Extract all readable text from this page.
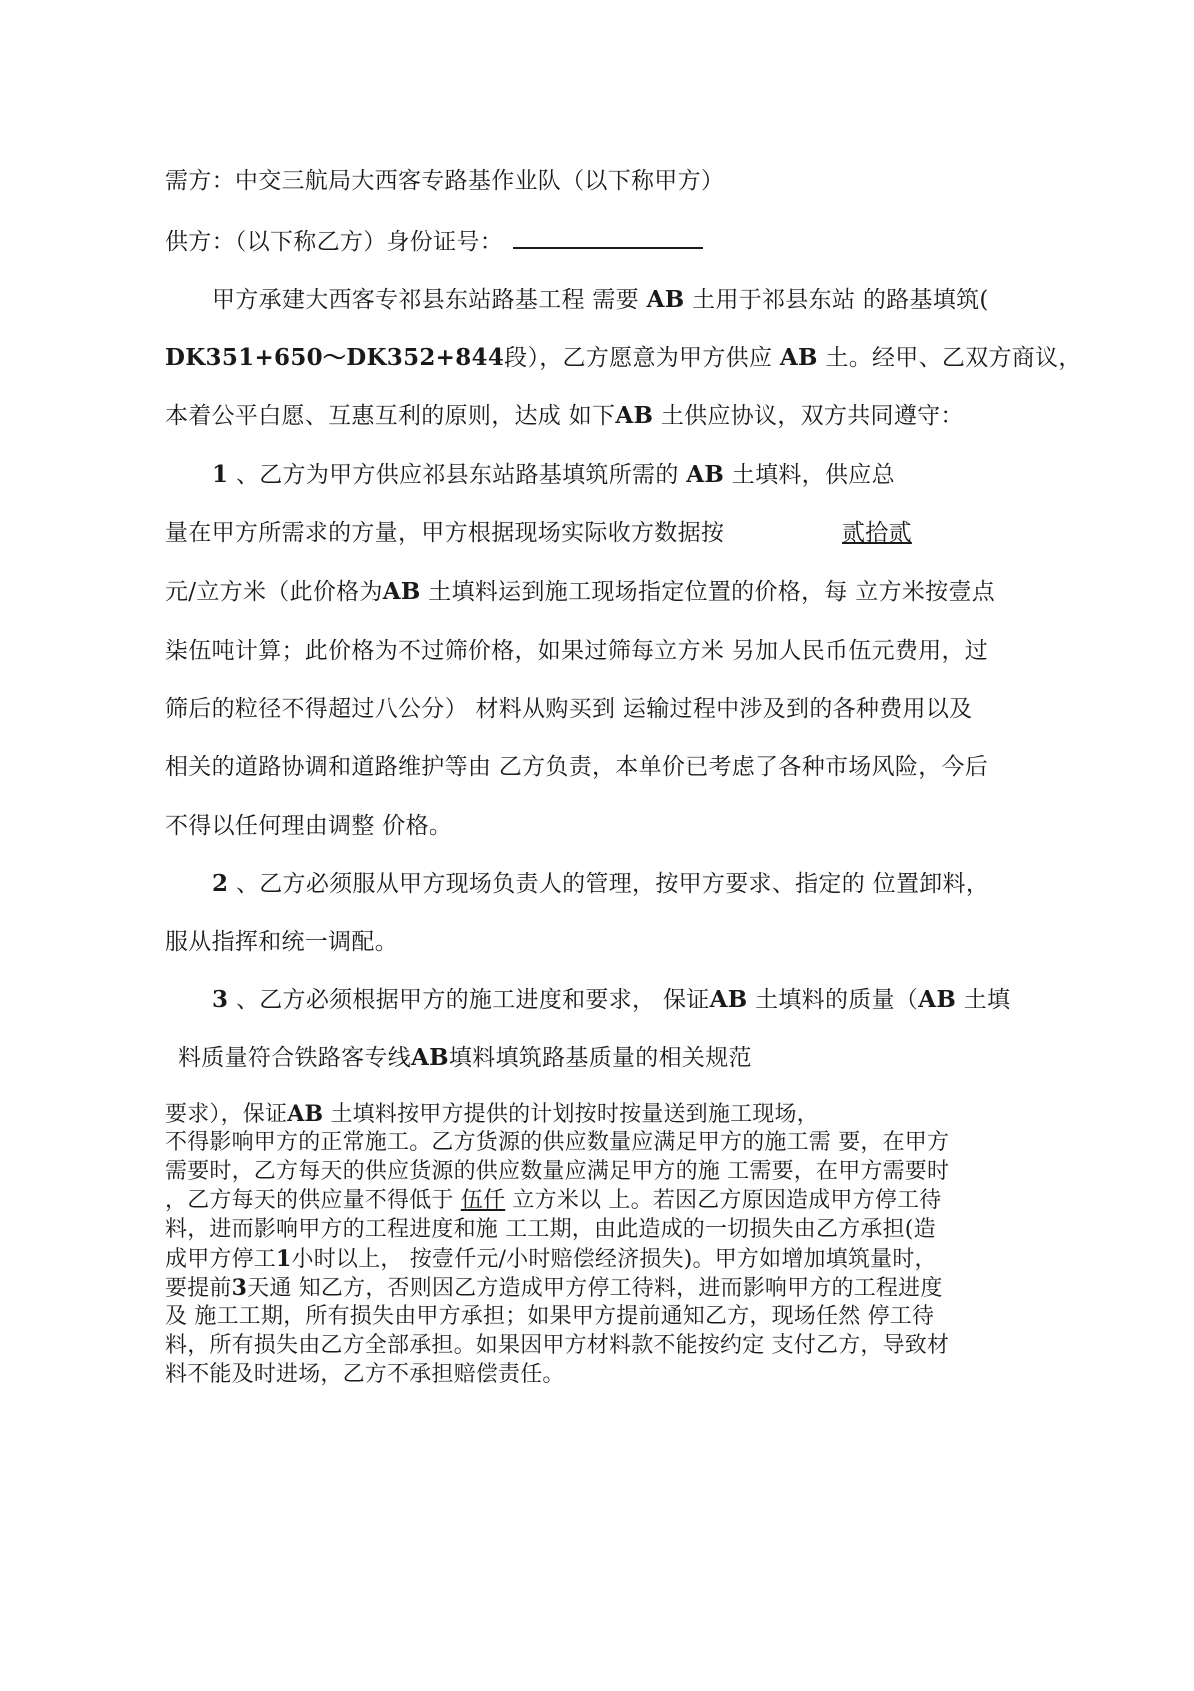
需方：中交三航局大西客专路基作业队（以下称甲方）
供方：（以下称乙方）身份证号：
甲方承建大西客专祁县东站路基工程 需要 AB 土用于祁县东站 的路基填筑(
DK351+650～DK352+844段），乙方愿意为甲方供应 AB 土。经甲、乙双方商议，
本着公平白愿、互惠互利的原则，达成 如下AB 土供应协议，双方共同遵守：
1 、乙方为甲方供应祁县东站路基填筑所需的 AB 土填料，供应总
量在甲方所需求的方量，甲方根据现场实际收方数据按	贰拾贰
元/立方米（此价格为AB 土填料运到施工现场指定位置的价格，每 立方米按壹点
柒伍吨计算；此价格为不过筛价格，如果过筛每立方米 另加人民币伍元费用，过
筛后的粒径不得超过八公分） 材料从购买到 运输过程中涉及到的各种费用以及
相关的道路协调和道路维护等由 乙方负责，本单价已考虑了各种市场风险，今后
不得以任何理由调整 价格。
2 、乙方必须服从甲方现场负责人的管理，按甲方要求、指定的 位置卸料，
服从指挥和统一调配。
3 、乙方必须根据甲方的施工进度和要求， 保证AB 土填料的质量（AB 土填
料质量符合铁路客专线AB填料填筑路基质量的相关规范
要求），保证AB 土填料按甲方提供的计划按时按量送到施工现场，
不得影响甲方的正常施工。乙方货源的供应数量应满足甲方的施工需 要，在甲方
需要时，乙方每天的供应货源的供应数量应满足甲方的施 工需要，在甲方需要时
，乙方每天的供应量不得低于 伍仟 立方米以 上。若因乙方原因造成甲方停工待
料，进而影响甲方的工程进度和施 工工期，由此造成的一切损失由乙方承担(造
成甲方停工1小时以上， 按壹仟元/小时赔偿经济损失)。甲方如增加填筑量时，
要提前3天通 知乙方，否则因乙方造成甲方停工待料，进而影响甲方的工程进度
及 施工工期，所有损失由甲方承担；如果甲方提前通知乙方，现场任然 停工待
料，所有损失由乙方全部承担。如果因甲方材料款不能按约定 支付乙方，导致材
料不能及时进场，乙方不承担赔偿责任。
